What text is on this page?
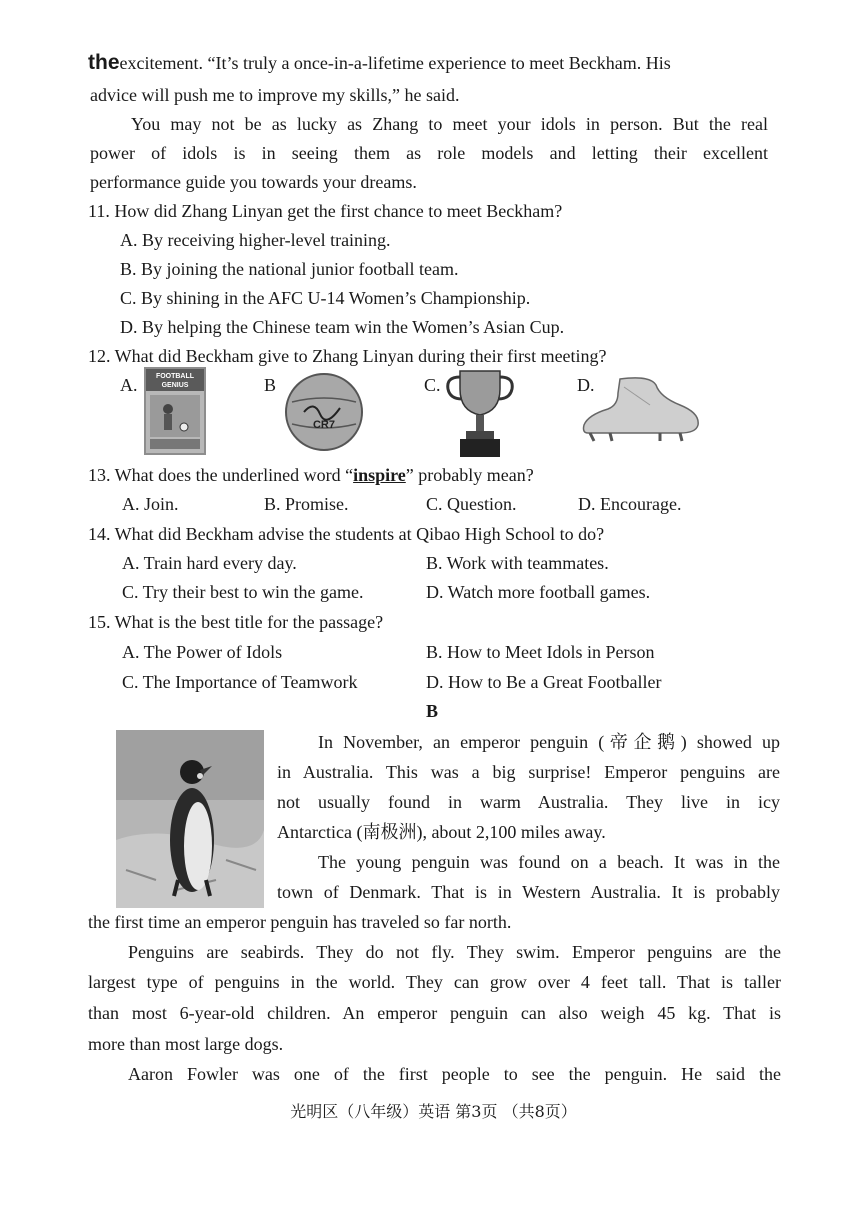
theexcitement. “It’s truly a once-in-a-lifetime experience to meet Beckham. His
advice will push me to improve my skills,” he said.
You may not be as lucky as Zhang to meet your idols in person. But the real
power of idols is in seeing them as role models and letting their excellent
performance guide you towards your dreams.
11. How did Zhang Linyan get the first chance to meet Beckham?
A. By receiving higher-level training.
B. By joining the national junior football team.
C. By shining in the AFC U-14 Women’s Championship.
D. By helping the Chinese team win the Women’s Asian Cup.
12. What did Beckham give to Zhang Linyan during their first meeting?
A.	B	C.	D.
FOOTBALL
GENIUS
CR7
13. What does the underlined word “inspire” probably mean?
A. Join.	B. Promise.	C. Question.	D. Encourage.
14. What did Beckham advise the students at Qibao High School to do?
A. Train hard every day.	B. Work with teammates.
C. Try their best to win the game.	D. Watch more football games.
15. What is the best title for the passage?
A. The Power of Idols	B. How to Meet Idols in Person
C. The Importance of Teamwork	D. How to Be a Great Footballer
B
In November, an emperor penguin (帝企鹅) showed up
in Australia. This was a big surprise! Emperor penguins are
not usually found in warm Australia. They live in icy
Antarctica (南极洲), about 2,100 miles away.
The young penguin was found on a beach. It was in the
town of Denmark. That is in Western Australia. It is probably
the first time an emperor penguin has traveled so far north.
Penguins are seabirds. They do not fly. They swim. Emperor penguins are the
largest type of penguins in the world. They can grow over 4 feet tall. That is taller
than most 6-year-old children. An emperor penguin can also weigh 45 kg. That is
more than most large dogs.
Aaron Fowler was one of the first people to see the penguin. He said the
光明区（八年级）英语 第3页 （共8页）
